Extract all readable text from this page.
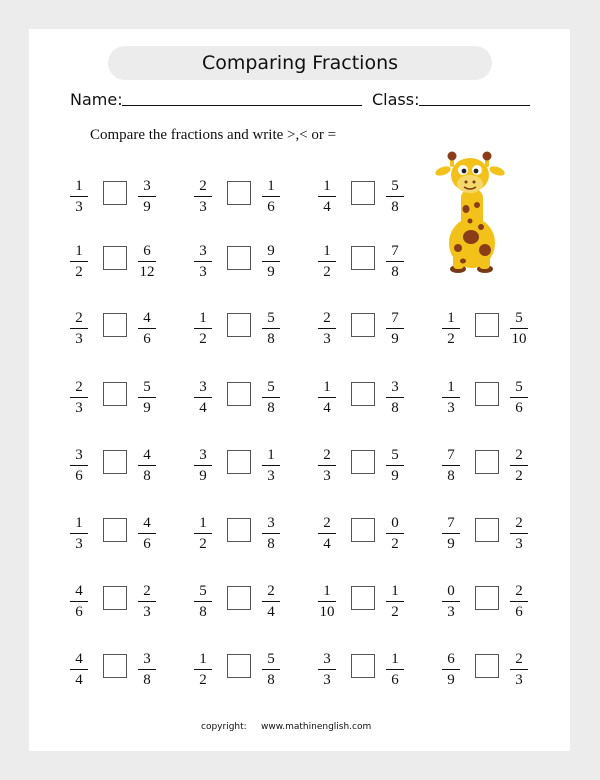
Comparing Fractions
Name:	Class:
Compare the fractions and write >,< or =
1
3
3
9
2
3
1
6
1
4
5
8
1
2
6
12
3
3
9
9
1
2
7
8
2
3
4
6
1
2
5
8
2
3
7
9
1
2
5
10
2
3
5
9
3
4
5
8
1
4
3
8
1
3
5
6
3
6
4
8
3
9
1
3
2
3
5
9
7
8
2
2
1
3
4
6
1
2
3
8
2
4
0
2
7
9
2
3
4
6
2
3
5
8
2
4
1
10
1
2
0
3
2
6
4
4
3
8
1
2
5
8
3
3
1
6
6
9
2
3
copyright: www.mathinenglish.com
